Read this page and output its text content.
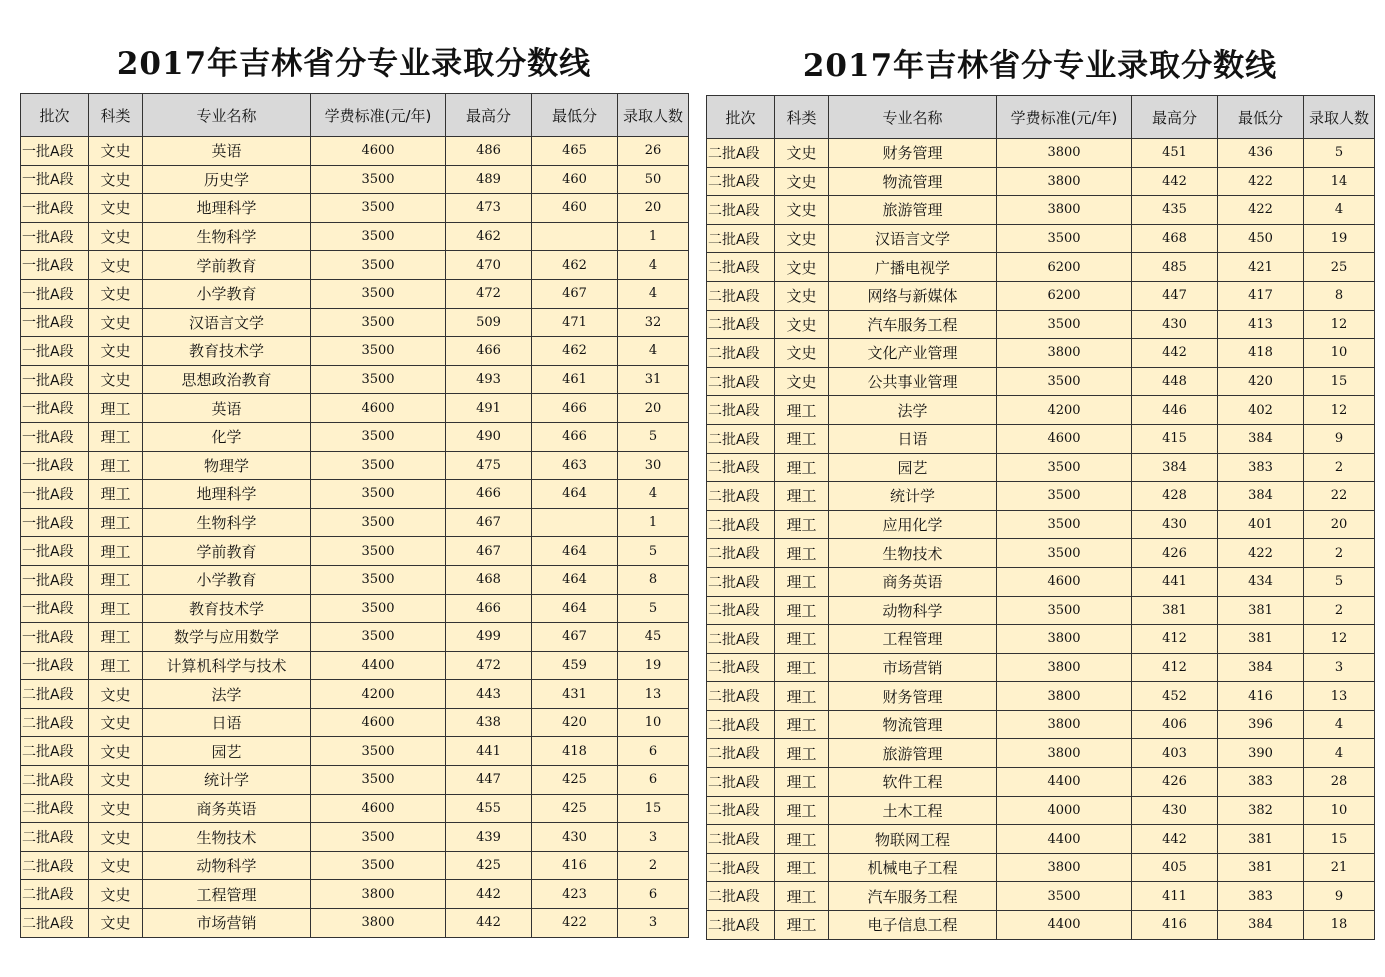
2017年吉林省分专业录取分数线
批次	科类	专业名称	学费标准(元/年)	最高分	最低分	录取人数
一批A段	文史	英语	4600	486	465	26
一批A段	文史	历史学	3500	489	460	50
一批A段	文史	地理科学	3500	473	460	20
一批A段	文史	生物科学	3500	462		1
一批A段	文史	学前教育	3500	470	462	4
一批A段	文史	小学教育	3500	472	467	4
一批A段	文史	汉语言文学	3500	509	471	32
一批A段	文史	教育技术学	3500	466	462	4
一批A段	文史	思想政治教育	3500	493	461	31
一批A段	理工	英语	4600	491	466	20
一批A段	理工	化学	3500	490	466	5
一批A段	理工	物理学	3500	475	463	30
一批A段	理工	地理科学	3500	466	464	4
一批A段	理工	生物科学	3500	467		1
一批A段	理工	学前教育	3500	467	464	5
一批A段	理工	小学教育	3500	468	464	8
一批A段	理工	教育技术学	3500	466	464	5
一批A段	理工	数学与应用数学	3500	499	467	45
一批A段	理工	计算机科学与技术	4400	472	459	19
二批A段	文史	法学	4200	443	431	13
二批A段	文史	日语	4600	438	420	10
二批A段	文史	园艺	3500	441	418	6
二批A段	文史	统计学	3500	447	425	6
二批A段	文史	商务英语	4600	455	425	15
二批A段	文史	生物技术	3500	439	430	3
二批A段	文史	动物科学	3500	425	416	2
二批A段	文史	工程管理	3800	442	423	6
二批A段	文史	市场营销	3800	442	422	3
2017年吉林省分专业录取分数线
批次	科类	专业名称	学费标准(元/年)	最高分	最低分	录取人数
二批A段	文史	财务管理	3800	451	436	5
二批A段	文史	物流管理	3800	442	422	14
二批A段	文史	旅游管理	3800	435	422	4
二批A段	文史	汉语言文学	3500	468	450	19
二批A段	文史	广播电视学	6200	485	421	25
二批A段	文史	网络与新媒体	6200	447	417	8
二批A段	文史	汽车服务工程	3500	430	413	12
二批A段	文史	文化产业管理	3800	442	418	10
二批A段	文史	公共事业管理	3500	448	420	15
二批A段	理工	法学	4200	446	402	12
二批A段	理工	日语	4600	415	384	9
二批A段	理工	园艺	3500	384	383	2
二批A段	理工	统计学	3500	428	384	22
二批A段	理工	应用化学	3500	430	401	20
二批A段	理工	生物技术	3500	426	422	2
二批A段	理工	商务英语	4600	441	434	5
二批A段	理工	动物科学	3500	381	381	2
二批A段	理工	工程管理	3800	412	381	12
二批A段	理工	市场营销	3800	412	384	3
二批A段	理工	财务管理	3800	452	416	13
二批A段	理工	物流管理	3800	406	396	4
二批A段	理工	旅游管理	3800	403	390	4
二批A段	理工	软件工程	4400	426	383	28
二批A段	理工	土木工程	4000	430	382	10
二批A段	理工	物联网工程	4400	442	381	15
二批A段	理工	机械电子工程	3800	405	381	21
二批A段	理工	汽车服务工程	3500	411	383	9
二批A段	理工	电子信息工程	4400	416	384	18
